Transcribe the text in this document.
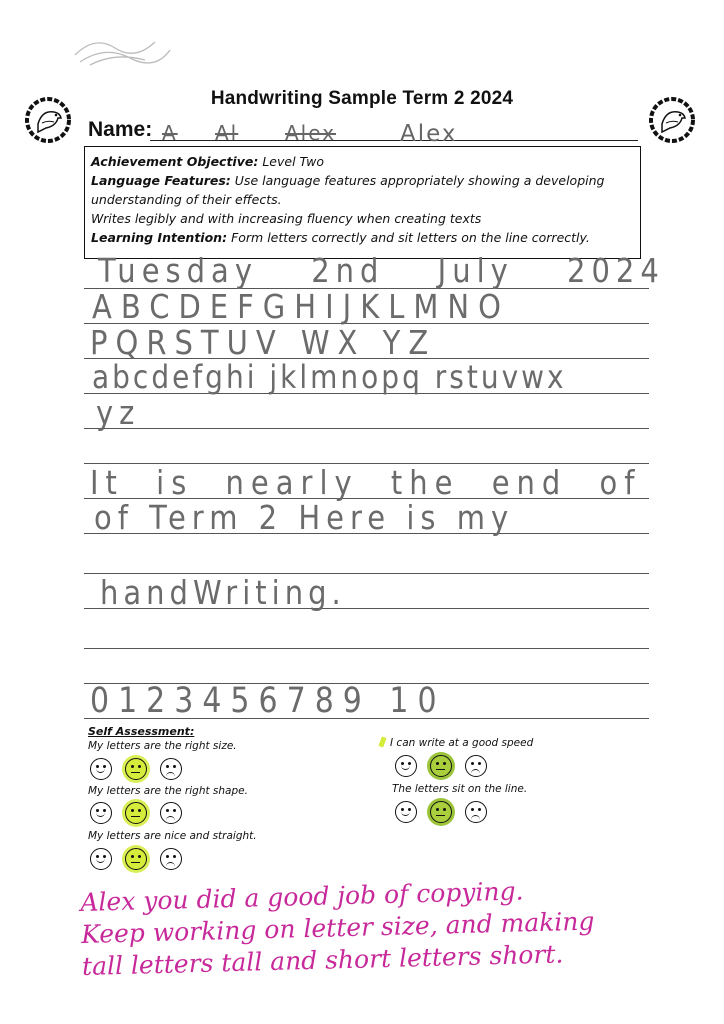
Handwriting Sample Term 2 2024
Name: A Al Alex	Alex
Achievement Objective: Level Two
Language Features: Use language features appropriately showing a developing understanding of their effects.
Writes legibly and with increasing fluency when creating texts
Learning Intention: Form letters correctly and sit letters on the line correctly.
Tuesday 2nd July 2024
ABCDEFGHIJKLMNO
PQRSTUV WX YZ
abcdefghi jklmnopq rstuvwx
yz
It is nearly the end of
of Term 2 Here is my
handWriting.
0123456789 10
Self Assessment:
My letters are the right size.
My letters are the right shape.
My letters are nice and straight.
I can write at a good speed
The letters sit on the line.
Alex you did a good job of copying.
Keep working on letter size, and making
tall letters tall and short letters short.
